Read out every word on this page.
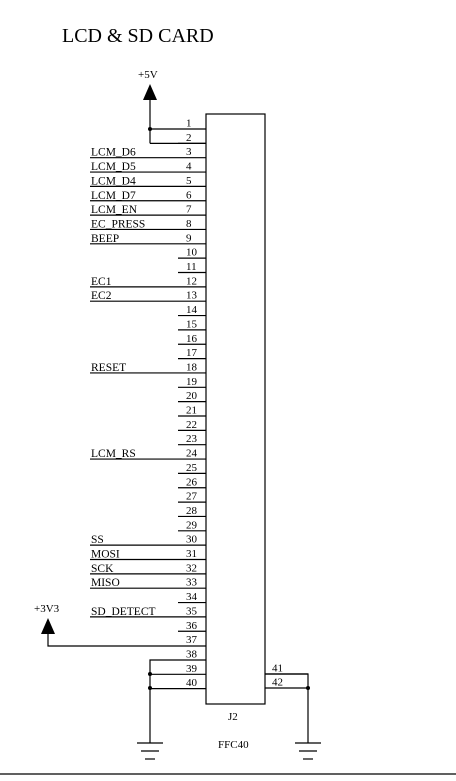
LCD & SD CARD
J2
FFC40
1
2
3
LCM_D6
4
LCM_D5
5
LCM_D4
6
LCM_D7
7
LCM_EN
8
EC_PRESS
9
BEEP
10
11
12
EC1
13
EC2
14
15
16
17
18
RESET
19
20
21
22
23
24
LCM_RS
25
26
27
28
29
30
SS
31
MOSI
32
SCK
33
MISO
34
35
SD_DETECT
36
37
38
39
40
41
42
+5V
+3V3
